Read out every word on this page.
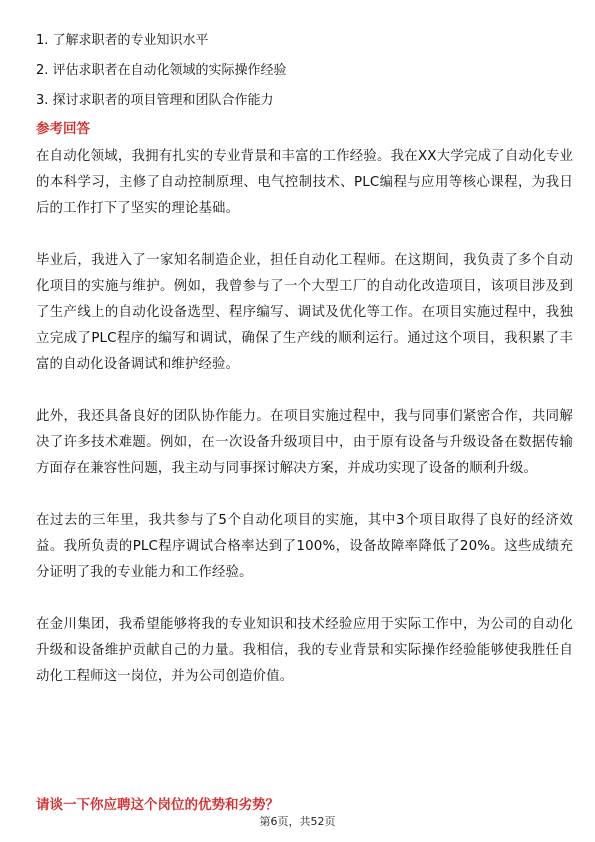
1. 了解求职者的专业知识水平
2. 评估求职者在自动化领域的实际操作经验
3. 探讨求职者的项目管理和团队合作能力
参考回答

在自动化领域，我拥有扎实的专业背景和丰富的工作经验。我在XX大学完成了自动化专业的本科学习，主修了自动控制原理、电气控制技术、PLC编程与应用等核心课程，为我日后的工作打下了坚实的理论基础。

毕业后，我进入了一家知名制造企业，担任自动化工程师。在这期间，我负责了多个自动化项目的实施与维护。例如，我曾参与了一个大型工厂的自动化改造项目，该项目涉及到了生产线上的自动化设备选型、程序编写、调试及优化等工作。在项目实施过程中，我独立完成了PLC程序的编写和调试，确保了生产线的顺利运行。通过这个项目，我积累了丰富的自动化设备调试和维护经验。

此外，我还具备良好的团队协作能力。在项目实施过程中，我与同事们紧密合作，共同解决了许多技术难题。例如，在一次设备升级项目中，由于原有设备与升级设备在数据传输方面存在兼容性问题，我主动与同事探讨解决方案，并成功实现了设备的顺利升级。

在过去的三年里，我共参与了5个自动化项目的实施，其中3个项目取得了良好的经济效益。我所负责的PLC程序调试合格率达到了100%，设备故障率降低了20%。这些成绩充分证明了我的专业能力和工作经验。

在金川集团，我希望能够将我的专业知识和技术经验应用于实际工作中，为公司的自动化升级和设备维护贡献自己的力量。我相信，我的专业背景和实际操作经验能够使我胜任自动化工程师这一岗位，并为公司创造价值。

请谈一下你应聘这个岗位的优势和劣势？
第6页，共52页
